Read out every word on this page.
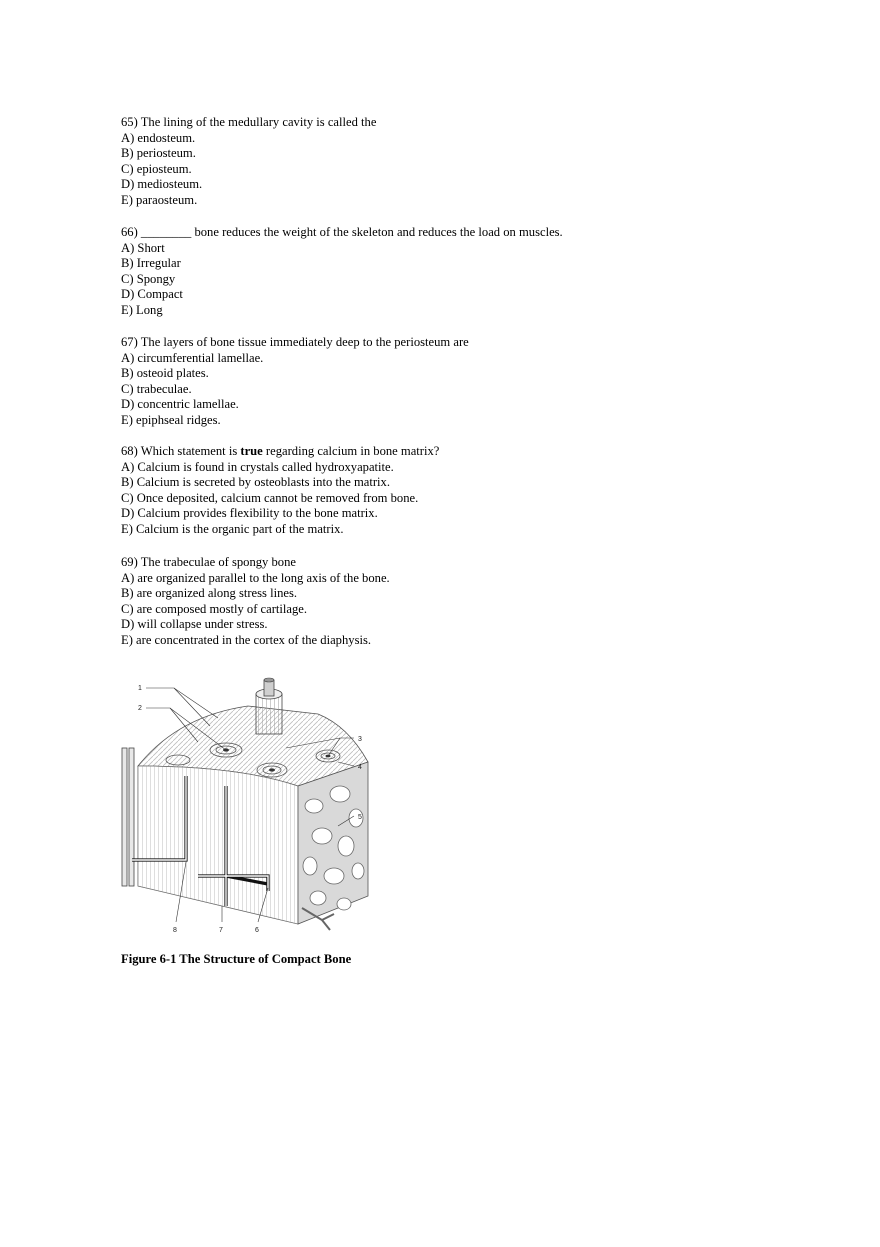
65) The lining of the medullary cavity is called the
A) endosteum.
B) periosteum.
C) epiosteum.
D) mediosteum.
E) paraosteum.
66) ________ bone reduces the weight of the skeleton and reduces the load on muscles.
A) Short
B) Irregular
C) Spongy
D) Compact
E) Long
67) The layers of bone tissue immediately deep to the periosteum are
A) circumferential lamellae.
B) osteoid plates.
C) trabeculae.
D) concentric lamellae.
E) epiphseal ridges.
68) Which statement is true regarding calcium in bone matrix?
A) Calcium is found in crystals called hydroxyapatite.
B) Calcium is secreted by osteoblasts into the matrix.
C) Once deposited, calcium cannot be removed from bone.
D) Calcium provides flexibility to the bone matrix.
E) Calcium is the organic part of the matrix.
69) The trabeculae of spongy bone
A) are organized parallel to the long axis of the bone.
B) are organized along stress lines.
C) are composed mostly of cartilage.
D) will collapse under stress.
E) are concentrated in the cortex of the diaphysis.
1
2
3
4
5
6
7
8
Figure 6-1 The Structure of Compact Bone
